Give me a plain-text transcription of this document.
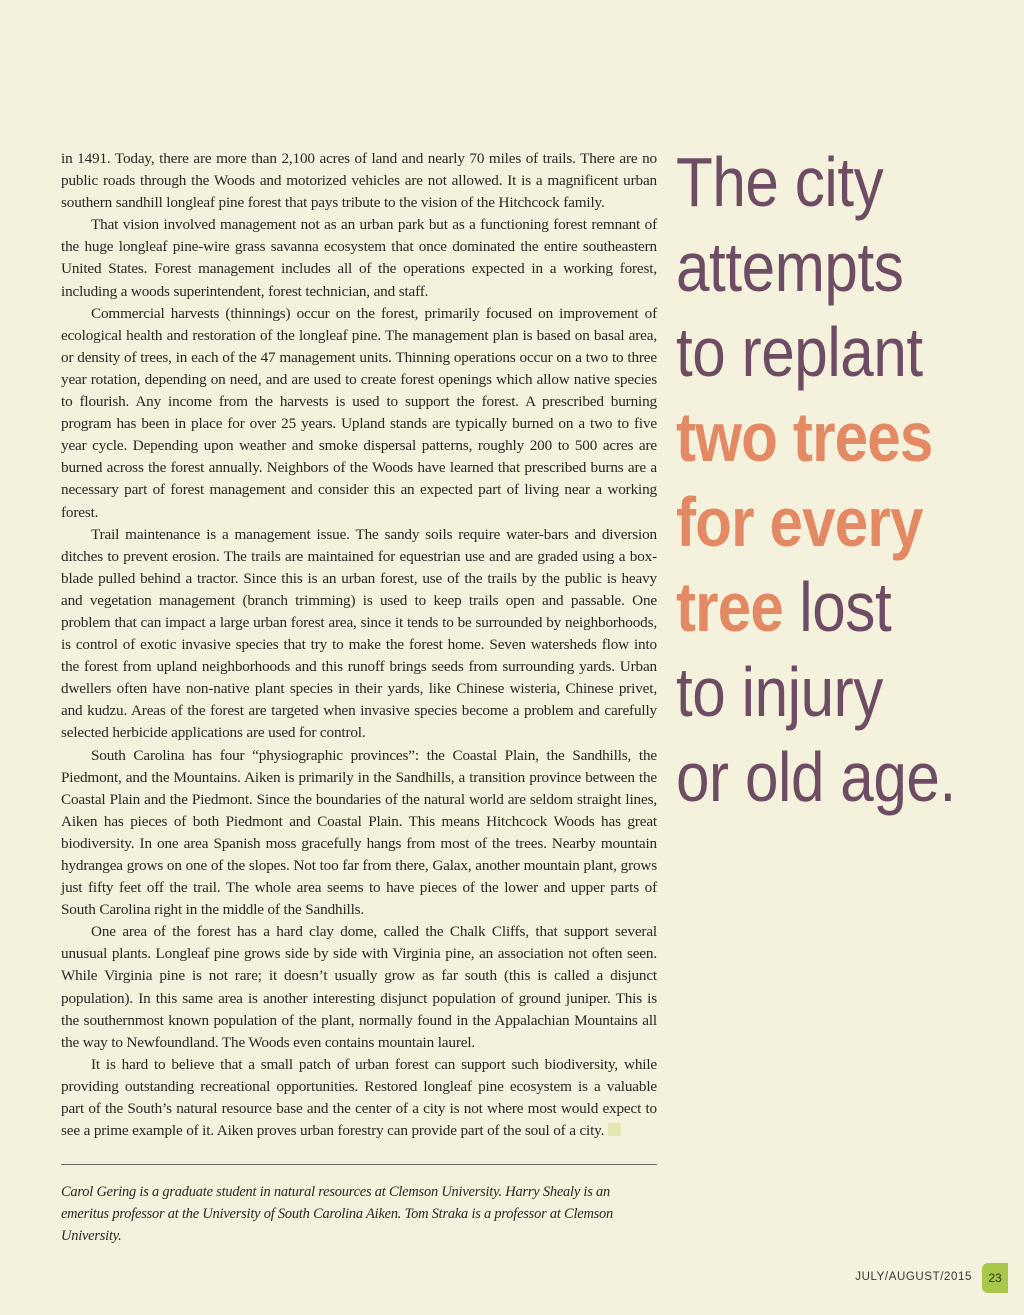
in 1491. Today, there are more than 2,100 acres of land and nearly 70 miles of trails. There are no public roads through the Woods and motorized vehicles are not allowed. It is a magnificent urban southern sandhill longleaf pine forest that pays tribute to the vision of the Hitchcock family.

That vision involved management not as an urban park but as a functioning forest remnant of the huge longleaf pine-wire grass savanna ecosystem that once dominated the entire southeastern United States. Forest management includes all of the operations expected in a working forest, including a woods superintendent, forest technician, and staff.

Commercial harvests (thinnings) occur on the forest, primarily focused on improvement of ecological health and restoration of the longleaf pine. The management plan is based on basal area, or density of trees, in each of the 47 management units. Thinning operations occur on a two to three year rotation, depending on need, and are used to create forest openings which allow native species to flourish. Any income from the harvests is used to support the forest. A prescribed burning program has been in place for over 25 years. Upland stands are typically burned on a two to five year cycle. Depending upon weather and smoke dispersal patterns, roughly 200 to 500 acres are burned across the forest annually. Neighbors of the Woods have learned that prescribed burns are a necessary part of forest management and consider this an expected part of living near a working forest.

Trail maintenance is a management issue. The sandy soils require water-bars and diversion ditches to prevent erosion. The trails are maintained for equestrian use and are graded using a box-blade pulled behind a tractor. Since this is an urban forest, use of the trails by the public is heavy and vegetation management (branch trimming) is used to keep trails open and passable. One problem that can impact a large urban forest area, since it tends to be surrounded by neighborhoods, is control of exotic invasive species that try to make the forest home. Seven watersheds flow into the forest from upland neighborhoods and this runoff brings seeds from surrounding yards. Urban dwellers often have non-native plant species in their yards, like Chinese wisteria, Chinese privet, and kudzu. Areas of the forest are targeted when invasive species become a problem and carefully selected herbicide applications are used for control.

South Carolina has four “physiographic provinces”: the Coastal Plain, the Sandhills, the Piedmont, and the Mountains. Aiken is primarily in the Sandhills, a transition province between the Coastal Plain and the Piedmont. Since the boundaries of the natural world are seldom straight lines, Aiken has pieces of both Piedmont and Coastal Plain. This means Hitchcock Woods has great biodiversity. In one area Spanish moss gracefully hangs from most of the trees. Nearby mountain hydrangea grows on one of the slopes. Not too far from there, Galax, another mountain plant, grows just fifty feet off the trail. The whole area seems to have pieces of the lower and upper parts of South Carolina right in the middle of the Sandhills.

One area of the forest has a hard clay dome, called the Chalk Cliffs, that support several unusual plants. Longleaf pine grows side by side with Virginia pine, an association not often seen. While Virginia pine is not rare; it doesn’t usually grow as far south (this is called a disjunct population). In this same area is another interesting disjunct population of ground juniper. This is the southernmost known population of the plant, normally found in the Appalachian Mountains all the way to Newfoundland. The Woods even contains mountain laurel.

It is hard to believe that a small patch of urban forest can support such biodiversity, while providing outstanding recreational opportunities. Restored longleaf pine ecosystem is a valuable part of the South’s natural resource base and the center of a city is not where most would expect to see a prime example of it. Aiken proves urban forestry can provide part of the soul of a city.

Carol Gering is a graduate student in natural resources at Clemson University. Harry Shealy is an emeritus professor at the University of South Carolina Aiken. Tom Straka is a professor at Clemson University.
The city
attempts
to replant
two trees
for every
tree lost
to injury
or old age.
JULY/AUGUST/2015	23
